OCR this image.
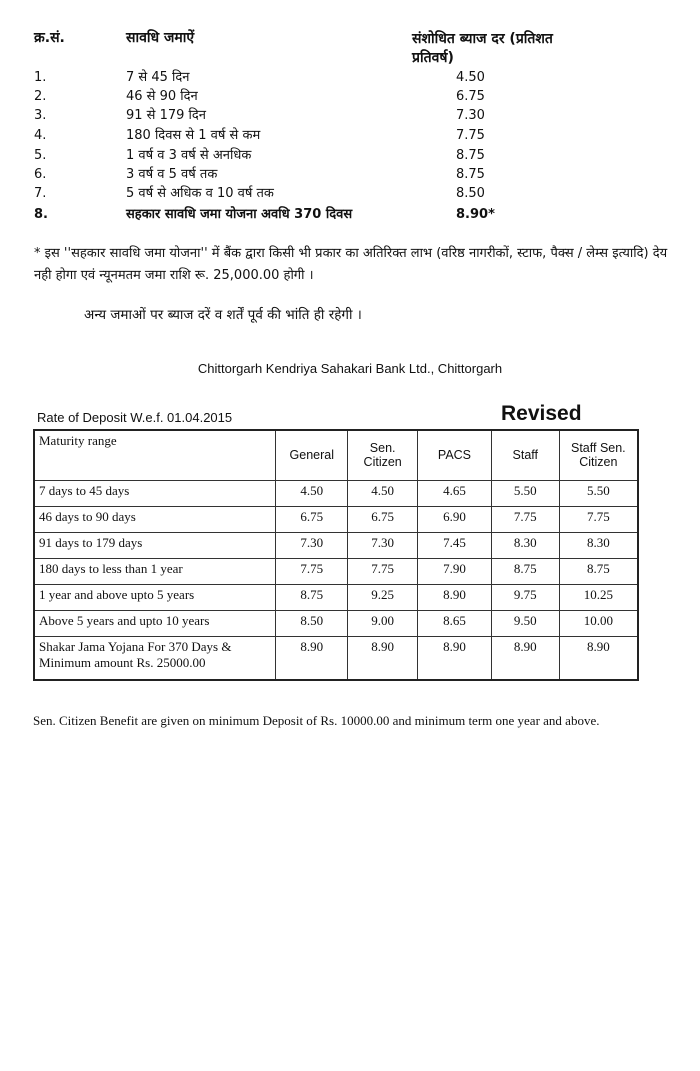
क्र.सं.	सावधि जमाऐं	संशोधित ब्याज दर (प्रतिशत प्रतिवर्ष)
1.	7 से 45 दिन	4.50
2.	46 से 90 दिन	6.75
3.	91 से 179 दिन	7.30
4.	180 दिवस से 1 वर्ष से कम	7.75
5.	1 वर्ष व 3 वर्ष से अनधिक	8.75
6.	3 वर्ष व 5 वर्ष तक	8.75
7.	5 वर्ष से अधिक व 10 वर्ष तक	8.50
8.	सहकार सावधि जमा योजना अवधि 370 दिवस	8.90*
* इस ''सहकार सावधि जमा योजना'' में बैंक द्वारा किसी भी प्रकार का अतिरिक्त लाभ (वरिष्ठ नागरीकों, स्टाफ, पैक्स / लेम्स इत्यादि) देय नही होगा एवं न्यूनमतम जमा राशि रू. 25,000.00 होगी ।
अन्य जमाओं पर ब्याज दरें व शर्तें पूर्व की भांति ही रहेगी ।
Chittorgarh Kendriya Sahakari Bank Ltd., Chittorgarh
Rate of Deposit W.e.f. 01.04.2015	Revised
Maturity range	General	Sen. Citizen	PACS	Staff	Staff Sen. Citizen
7 days to 45 days	4.50	4.50	4.65	5.50	5.50
46 days to 90 days	6.75	6.75	6.90	7.75	7.75
91 days to 179 days	7.30	7.30	7.45	8.30	8.30
180 days to less than 1 year	7.75	7.75	7.90	8.75	8.75
1 year and above upto 5 years	8.75	9.25	8.90	9.75	10.25
Above 5 years and upto 10 years	8.50	9.00	8.65	9.50	10.00
Shakar Jama Yojana For 370 Days & Minimum amount Rs. 25000.00	8.90	8.90	8.90	8.90	8.90
Sen. Citizen Benefit are given on minimum Deposit of Rs. 10000.00 and minimum term one year and above.
